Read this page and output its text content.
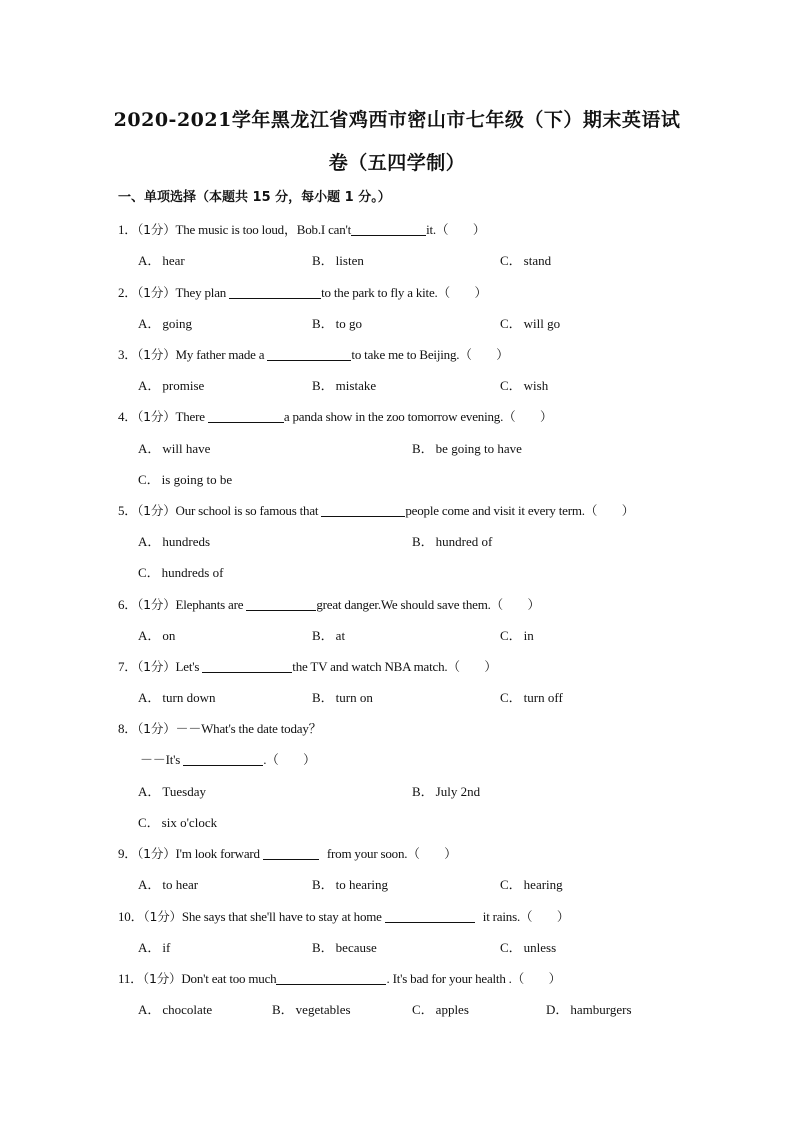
2020-2021学年黑龙江省鸡西市密山市七年级（下）期末英语试
卷（五四学制）
一、单项选择（本题共 15 分，每小题 1 分。）
1．（1分）The music is too loud，Bob.I can't	it.（　　）
A． hear	B． listen	C． stand
2．（1分）They plan	to the park to fly a kite.（　　）
A． going	B． to go	C． will go
3．（1分）My father made a	to take me to Beijing.（　　）
A． promise	B． mistake	C． wish
4．（1分）There	a panda show in the zoo tomorrow evening.（　　）
A． will have	B． be going to have
C． is going to be
5．（1分）Our school is so famous that	people come and visit it every term.（　　）
A． hundreds	B． hundred of
C． hundreds of
6．（1分）Elephants are	great danger.We should save them.（　　）
A． on	B． at	C． in
7．（1分）Let's	the TV and watch NBA match.（　　）
A． turn down	B． turn on	C． turn off
8．（1分）－－What's the date today？
－－It's	.（　　）
A． Tuesday	B． July 2nd
C． six o'clock
9．（1分）I'm look forward	from your soon.（　　）
A． to hear	B． to hearing	C． hearing
10．（1分）She says that she'll have to stay at home	it rains.（　　）
A． if	B． because	C． unless
11．（1分）Don't eat too much	. It's bad for your health .（　　）
A． chocolate	B． vegetables	C． apples	D． hamburgers
